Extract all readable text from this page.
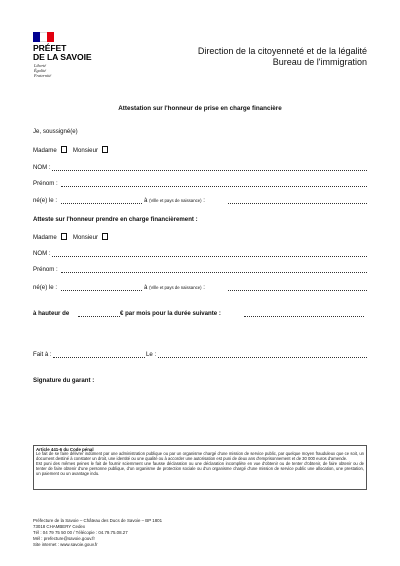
PRÉFET
DE LA SAVOIE
Liberté
Égalité
Fraternité
Direction de la citoyenneté et de la légalité
Bureau de l'immigration
Attestation sur l'honneur de prise en charge financière
Je, soussigné(e)
Madame	Monsieur
NOM :
Prénom :
né(e) le :	à (Ville et pays de naissance) :
Atteste sur l'honneur prendre en charge financièrement :
Madame	Monsieur
NOM :
Prénom :
né(e) le :	à (Ville et pays de naissance) :
à hauteur de	€ par mois pour la durée suivante :
Fait à :	Le :
Signature du garant :
Article 441-6 du Code pénal
Le fait de se faire délivrer indûment par une administration publique ou par un organisme chargé d'une mission de service public, par quelque moyen frauduleux que ce soit, un document destiné à constater un droit, une identité ou une qualité ou à accorder une autorisation est puni de deux ans d'emprisonnement et de 30 000 euros d'amende.
Est puni des mêmes peines le fait de fournir sciemment une fausse déclaration ou une déclaration incomplète en vue d'obtenir ou de tenter d'obtenir, de faire obtenir ou de tenter de faire obtenir d'une personne publique, d'un organisme de protection sociale ou d'un organisme chargé d'une mission de service public une allocation, une prestation, un paiement ou un avantage indu.
Préfecture de la Savoie – Château des Ducs de Savoie – BP 1801
73018 CHAMBERY Cedex
Tél : 04 79 75 50 00 / Télécopie : 04.79.75.08.27
Mél : prefecture@savoie.gouv.fr
Site internet : www.savoie.gouv.fr
